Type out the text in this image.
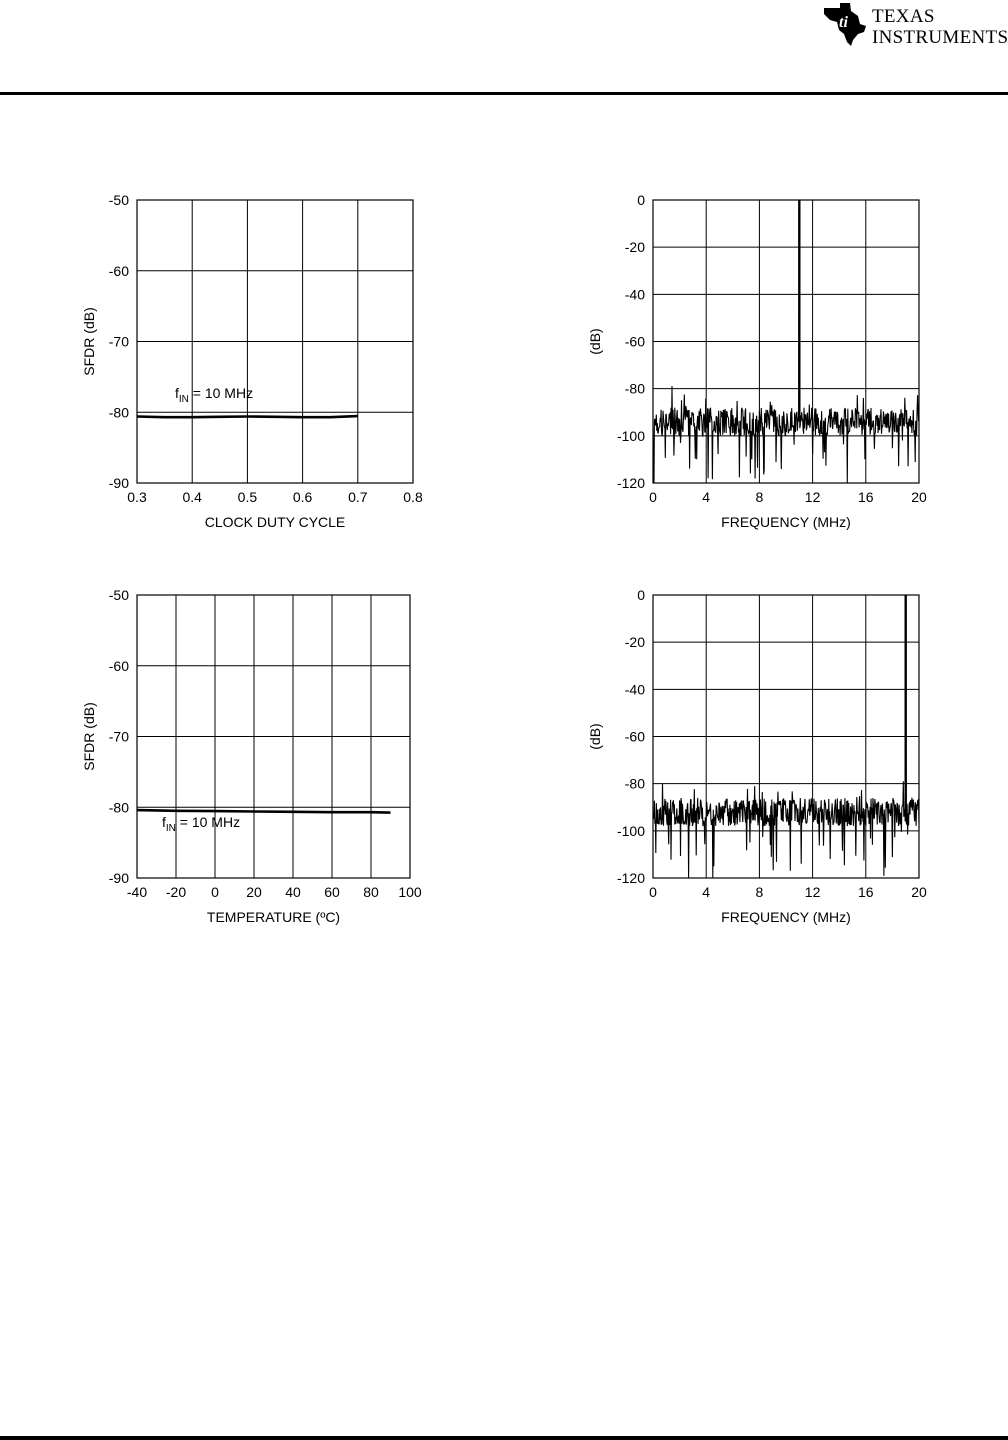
ti TEXAS
INSTRUMENTS
0.3	0.4	0.5	0.6	0.7	0.8
-50
-60
-70
-80
-90
CLOCK DUTY CYCLE
SFDR (dB)
$f_{IN} = 10$ MHz
0	4	8	12	16	20
0
-20
-40
-60
-80
-100
-120
FREQUENCY (MHz)
(dB)
-40 -20 0 20 40 60 80 100
-50
-60
-70
-80
-90
TEMPERATURE (ºC)
SFDR (dB)
$f_{IN} = 10$ MHz
0	4	8	12	16	20
0
-20
-40
-60
-80
-100
-120
FREQUENCY (MHz)
(dB)
